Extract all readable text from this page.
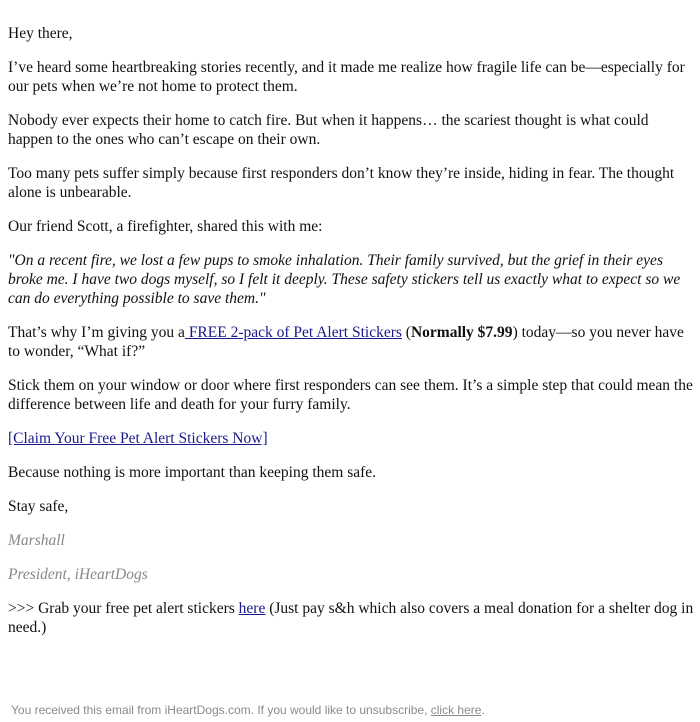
Hey there,

I’ve heard some heartbreaking stories recently, and it made me realize how fragile life can be—especially for our pets when we’re not home to protect them.

Nobody ever expects their home to catch fire. But when it happens… the scariest thought is what could happen to the ones who can’t escape on their own.

Too many pets suffer simply because first responders don’t know they’re inside, hiding in fear. The thought alone is unbearable.

Our friend Scott, a firefighter, shared this with me:

"On a recent fire, we lost a few pups to smoke inhalation. Their family survived, but the grief in their eyes broke me. I have two dogs myself, so I felt it deeply. These safety stickers tell us exactly what to expect so we can do everything possible to save them."

That’s why I’m giving you a FREE 2-pack of Pet Alert Stickers (Normally $7.99) today—so you never have to wonder, “What if?”

Stick them on your window or door where first responders can see them. It’s a simple step that could mean the difference between life and death for your furry family.

[Claim Your Free Pet Alert Stickers Now]

Because nothing is more important than keeping them safe.

Stay safe,

Marshall

President, iHeartDogs

>>> Grab your free pet alert stickers here (Just pay s&h which also covers a meal donation for a shelter dog in need.)

You received this email from iHeartDogs.com. If you would like to unsubscribe, click here.
